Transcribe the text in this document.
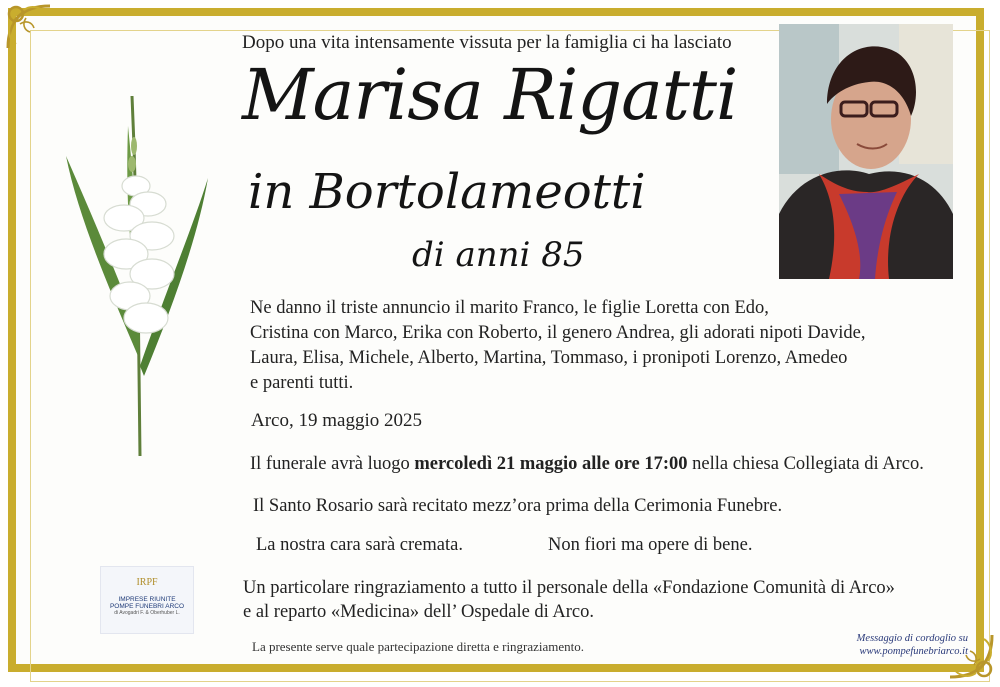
Dopo una vita intensamente vissuta per la famiglia ci ha lasciato
Marisa Rigatti
in Bortolameotti
di anni 85
Ne danno il triste annuncio il marito Franco, le figlie Loretta con Edo,
Cristina con Marco, Erika con Roberto, il genero Andrea, gli adorati nipoti Davide,
Laura, Elisa, Michele, Alberto, Martina, Tommaso, i pronipoti Lorenzo, Amedeo
e parenti tutti.
Arco, 19 maggio 2025
Il funerale avrà luogo mercoledì 21 maggio alle ore 17:00 nella chiesa Collegiata di Arco.
Il Santo Rosario sarà recitato mezz’ora prima della Cerimonia Funebre.
La nostra cara sarà cremata.	Non fiori ma opere di bene.
Un particolare ringraziamento a tutto il personale della «Fondazione Comunità di Arco»
e al reparto «Medicina» dell’ Ospedale di Arco.
La presente serve quale partecipazione diretta e ringraziamento.
IRPF
IMPRESE RIUNITE
POMPE FUNEBRI ARCO
di Avogadri F. & Oberhuber L.
Messaggio di cordoglio su
www.pompefunebriarco.it
